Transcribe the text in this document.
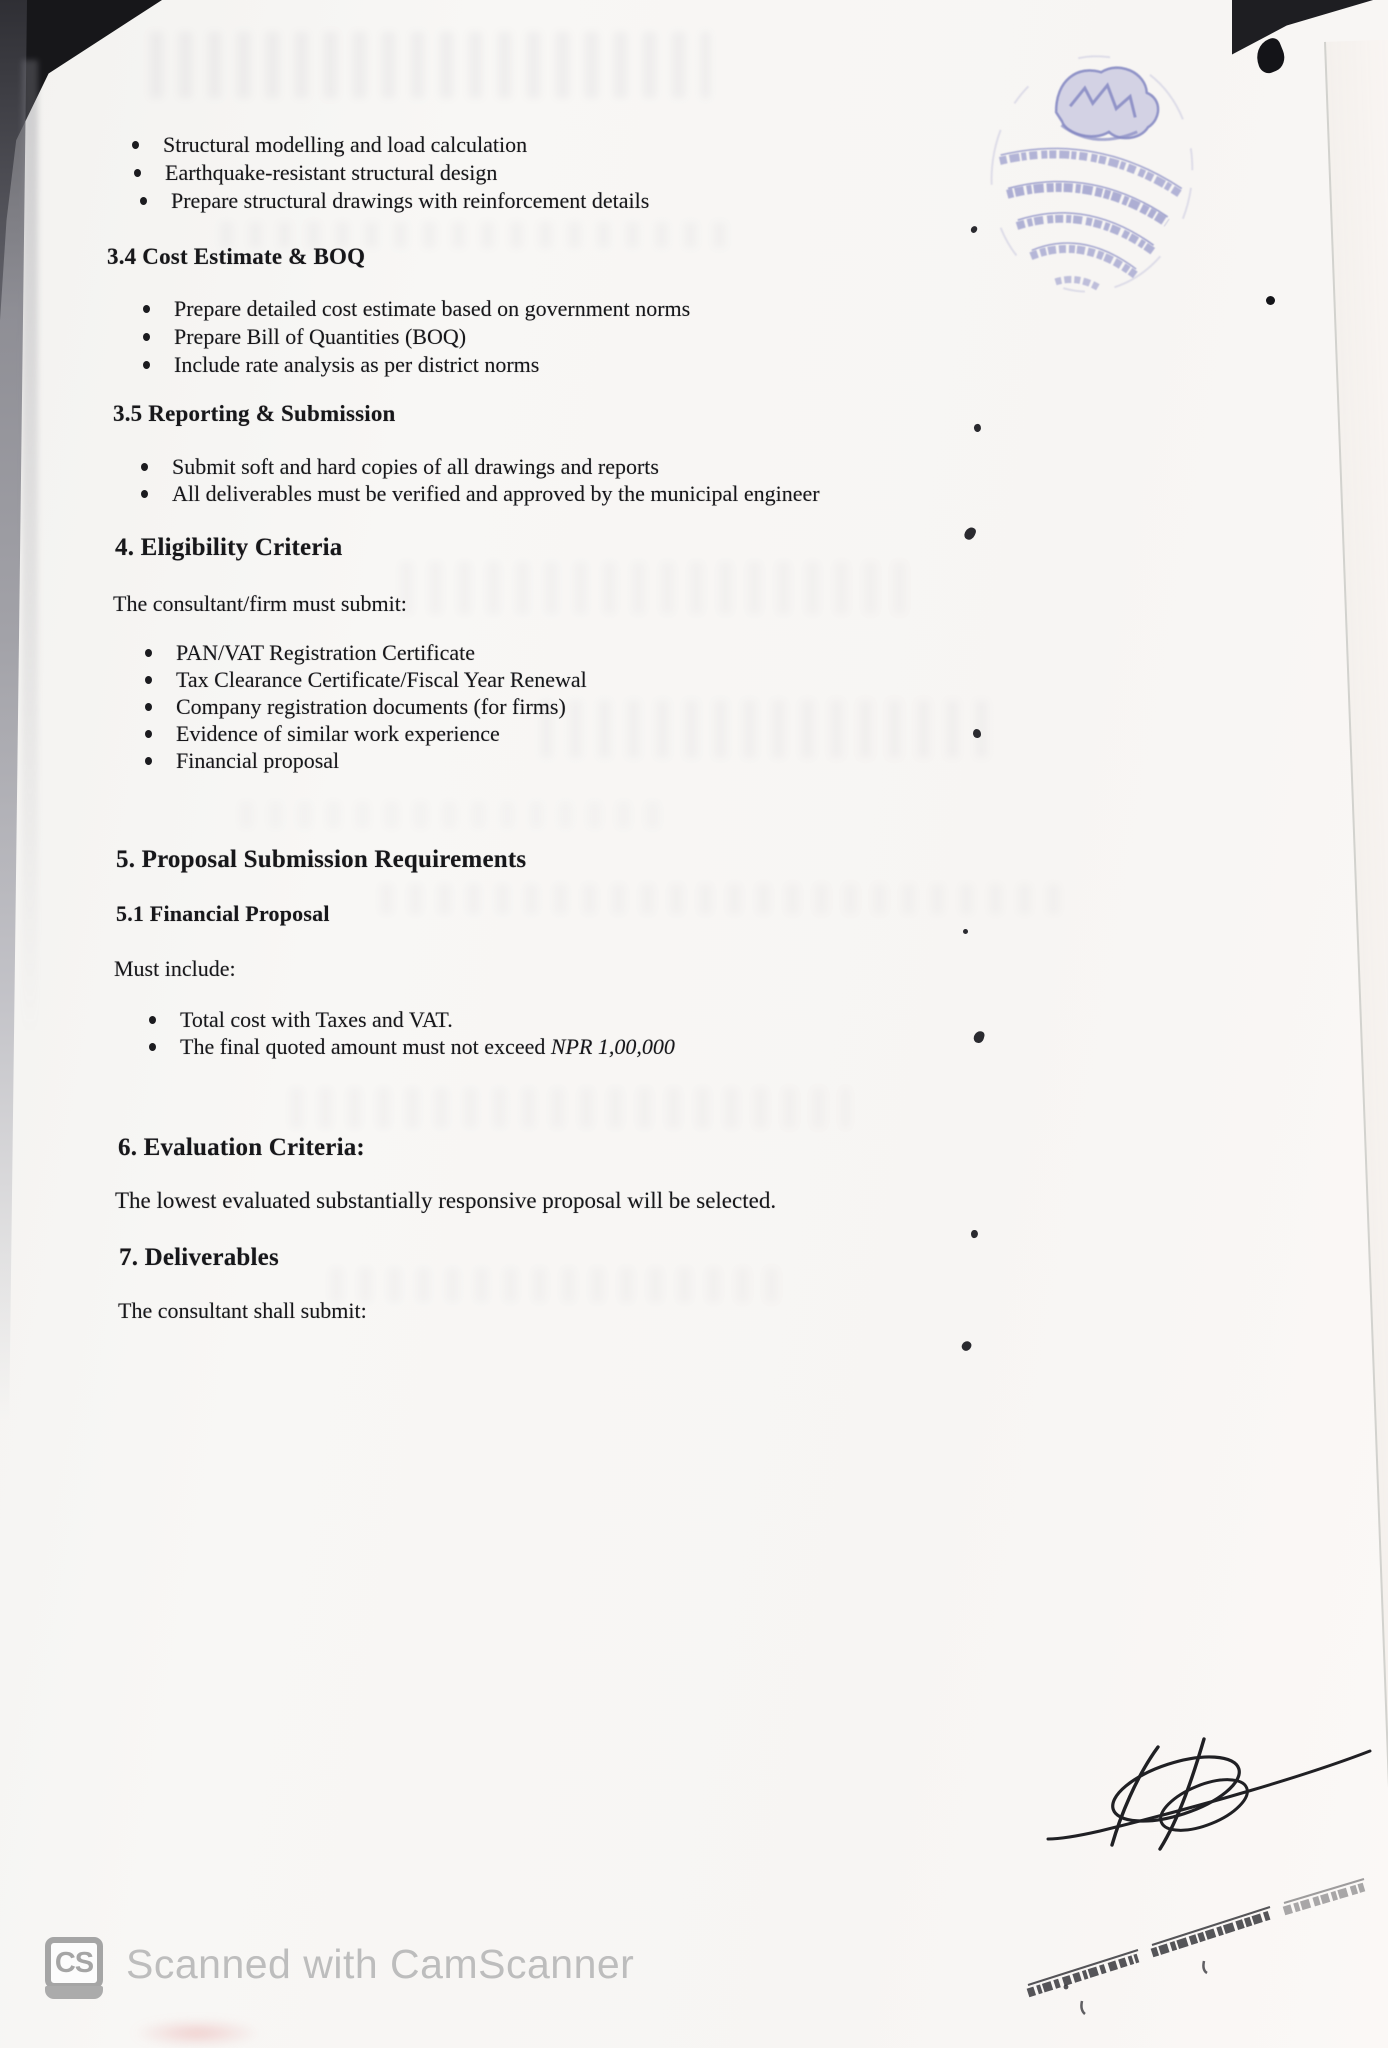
Structural modelling and load calculation
Earthquake-resistant structural design
Prepare structural drawings with reinforcement details
3.4 Cost Estimate & BOQ
Prepare detailed cost estimate based on government norms
Prepare Bill of Quantities (BOQ)
Include rate analysis as per district norms
3.5 Reporting & Submission
Submit soft and hard copies of all drawings and reports
All deliverables must be verified and approved by the municipal engineer
4. Eligibility Criteria

The consultant/firm must submit:

PAN/VAT Registration Certificate
Tax Clearance Certificate/Fiscal Year Renewal
Company registration documents (for firms)
Evidence of similar work experience
Financial proposal
5. Proposal Submission Requirements
5.1 Financial Proposal

Must include:

Total cost with Taxes and VAT.
The final quoted amount must not exceed NPR 1,00,000
6. Evaluation Criteria:

The lowest evaluated substantially responsive proposal will be selected.

7. Deliverables

The consultant shall submit:

CS Scanned with CamScanner
